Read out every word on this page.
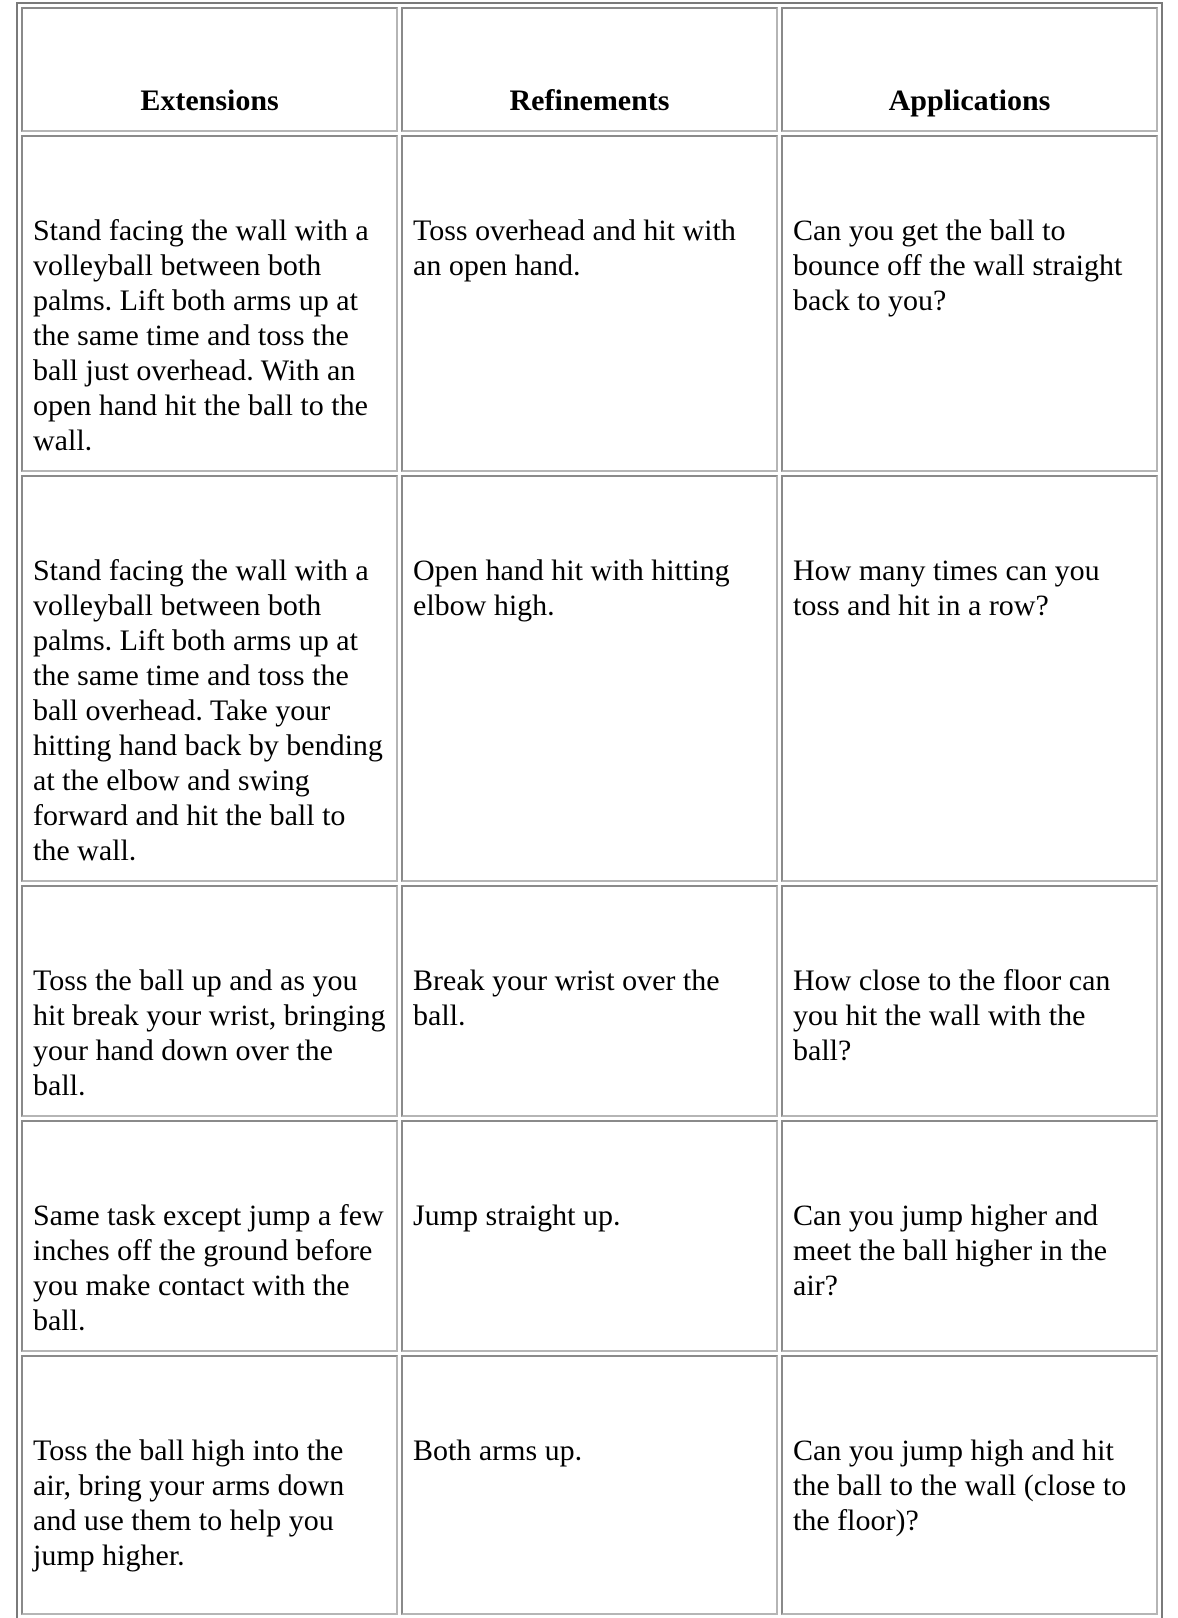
Extensions	Refinements	Applications
Stand facing the wall with a volleyball between both palms. Lift both arms up at the same time and toss the ball just overhead. With an open hand hit the ball to the wall.	Toss overhead and hit with an open hand.	Can you get the ball to bounce off the wall straight back to you?
Stand facing the wall with a volleyball between both palms. Lift both arms up at the same time and toss the ball overhead. Take your hitting hand back by bending at the elbow and swing forward and hit the ball to the wall.	Open hand hit with hitting elbow high.	How many times can you toss and hit in a row?
Toss the ball up and as you hit break your wrist, bringing your hand down over the ball.	Break your wrist over the ball.	How close to the floor can you hit the wall with the ball?
Same task except jump a few inches off the ground before you make contact with the ball.	Jump straight up.	Can you jump higher and meet the ball higher in the air?
Toss the ball high into the air, bring your arms down and use them to help you jump higher.	Both arms up.	Can you jump high and hit the ball to the wall (close to the floor)?
